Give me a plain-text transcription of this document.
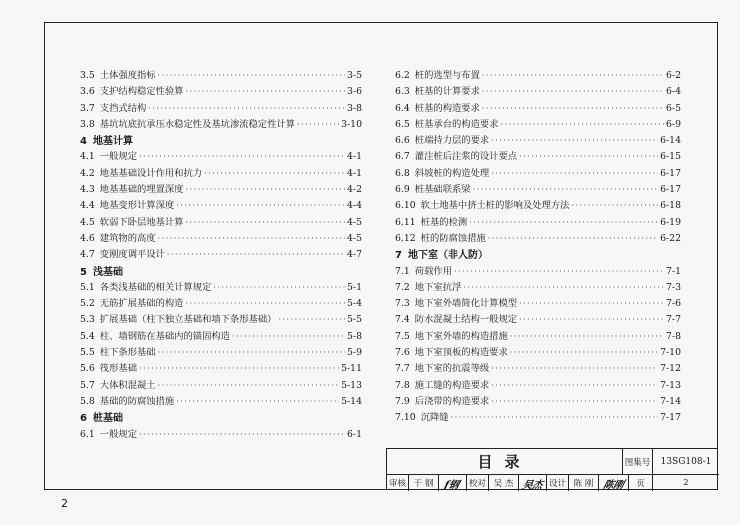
3.5 土体强度指标 ·····	3-5
3.6 支护结构稳定性验算 ·····	3-6
3.7 支挡式结构 ·····	3-8
3.8 基坑坑底抗承压水稳定性及基坑渗流稳定性计算 ·····	3-10
4 地基计算
4.1 一般规定 ·····	4-1
4.2 地基基础设计作用和抗力 ·····	4-1
4.3 地基基础的埋置深度 ·····	4-2
4.4 地基变形计算深度 ·····	4-4
4.5 软弱下卧层地基计算 ·····	4-5
4.6 建筑物的高度 ·····	4-5
4.7 变刚度调平设计 ·····	4-7
5 浅基础
5.1 各类浅基础的相关计算规定 ·····	5-1
5.2 无筋扩展基础的构造 ·····	5-4
5.3 扩展基础（柱下独立基础和墙下条形基础） ·····	5-5
5.4 柱、墙钢筋在基础内的锚固构造 ·····	5-8
5.5 柱下条形基础 ·····	5-9
5.6 筏形基础 ·····	5-11
5.7 大体积混凝土 ·····	5-13
5.8 基础的防腐蚀措施 ·····	5-14
6 桩基础
6.1 一般规定 ·····	6-1
6.2 桩的选型与布置 ·····	6-2
6.3 桩基的计算要求 ·····	6-4
6.4 桩基的构造要求 ·····	6-5
6.5 桩基承台的构造要求 ·····	6-9
6.6 桩端持力层的要求 ·····	6-14
6.7 灌注桩后注浆的设计要点 ·····	6-15
6.8 斜坡桩的构造处理 ·····	6-17
6.9 桩基础联系梁 ·····	6-17
6.10 软土地基中挤土桩的影响及处理方法 ·····	6-18
6.11 桩基的检测 ·····	6-19
6.12 桩的防腐蚀措施 ·····	6-22
7 地下室（非人防）
7.1 荷载作用 ·····	7-1
7.2 地下室抗浮 ·····	7-3
7.3 地下室外墙简化计算模型 ·····	7-6
7.4 防水混凝土结构一般规定 ·····	7-7
7.5 地下室外墙的构造措施 ·····	7-8
7.6 地下室顶板的构造要求 ·····	7-10
7.7 地下室的抗震等级 ·····	7-12
7.8 施工缝的构造要求 ·····	7-13
7.9 后浇带的构造要求 ·····	7-14
7.10 沉降缝 ·····	7-17
目录	图集号	13SG108-1
审核 干 钢 ƒ钢 校对 吴 杰 吴杰 设计 陈 刚 陈刚	页	2
2
